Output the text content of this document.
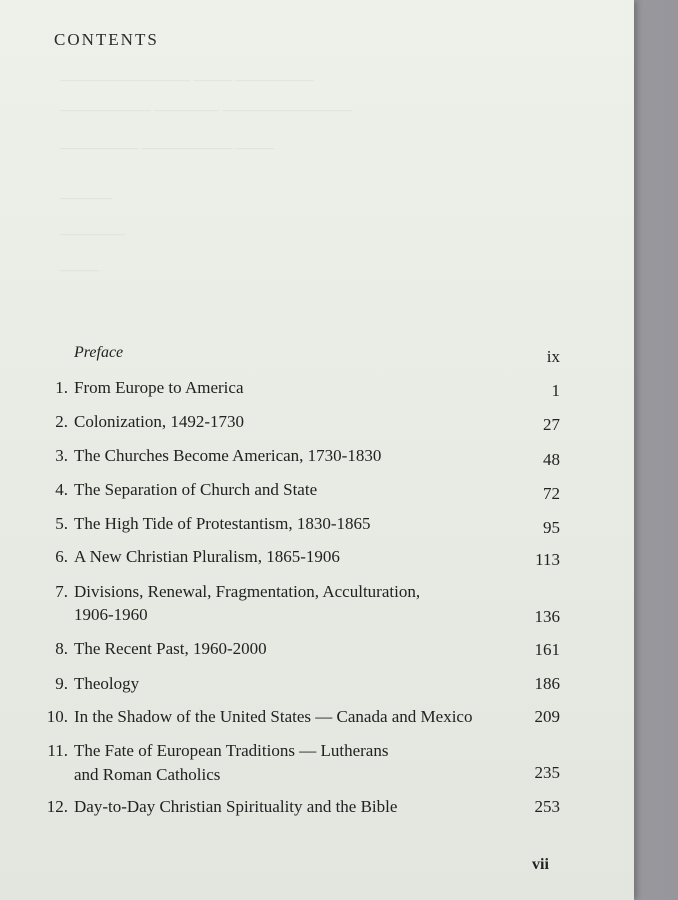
—————————— ——— ——————
——————— ————— ——————————
—————— ——————— ———
————
—————
———
CONTENTS
Preface	ix
1. From Europe to America	1
2. Colonization, 1492-1730	27
3. The Churches Become American, 1730-1830	48
4. The Separation of Church and State	72
5. The High Tide of Protestantism, 1830-1865	95
6. A New Christian Pluralism, 1865-1906	113
7. Divisions, Renewal, Fragmentation, Acculturation,
1906-1960	136
8. The Recent Past, 1960-2000	161
9. Theology	186
10. In the Shadow of the United States — Canada and Mexico	209
11. The Fate of European Traditions — Lutherans
and Roman Catholics	235
12. Day-to-Day Christian Spirituality and the Bible	253
vii
